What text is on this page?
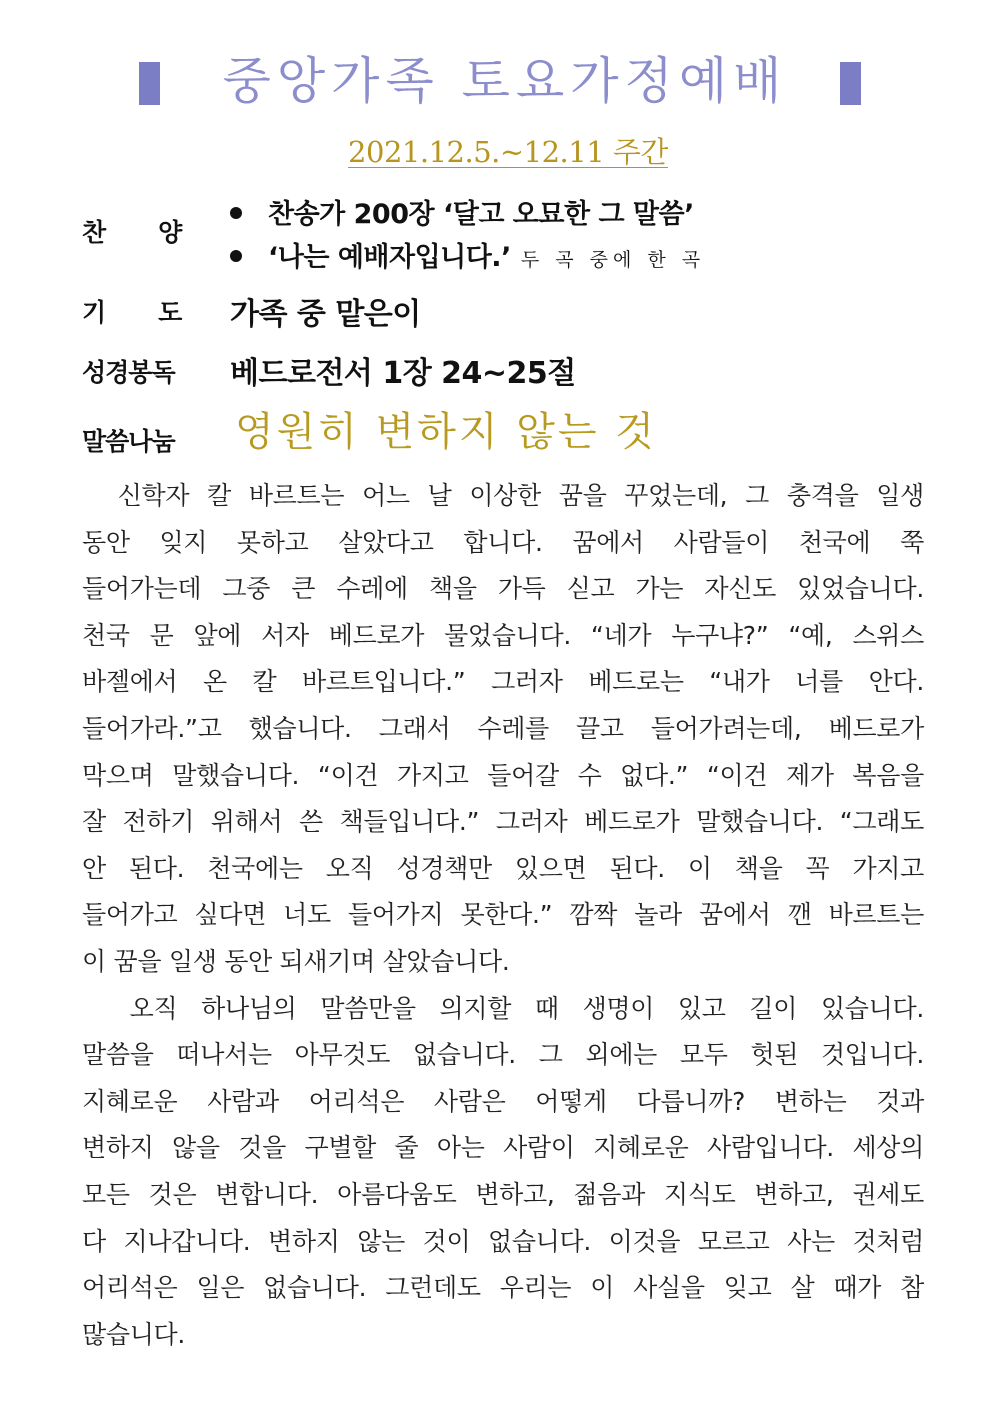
중앙가족 토요가정예배
2021.12.5.~12.11 주간
찬 양
찬송가 200장 ‘달고 오묘한 그 말씀’
‘나는 예배자입니다.’ 두 곡 중에 한 곡
기 도 가족 중 맡은이
성경봉독 베드로전서 1장 24~25절
말씀나눔 영원히 변하지 않는 것
신학자 칼 바르트는 어느 날 이상한 꿈을 꾸었는데, 그 충격을 일생
동안 잊지 못하고 살았다고 합니다. 꿈에서 사람들이 천국에 쭉
들어가는데 그중 큰 수레에 책을 가득 싣고 가는 자신도 있었습니다.
천국 문 앞에 서자 베드로가 물었습니다. “네가 누구냐?” “예, 스위스
바젤에서 온 칼 바르트입니다.” 그러자 베드로는 “내가 너를 안다.
들어가라.”고 했습니다. 그래서 수레를 끌고 들어가려는데, 베드로가
막으며 말했습니다. “이건 가지고 들어갈 수 없다.” “이건 제가 복음을
잘 전하기 위해서 쓴 책들입니다.” 그러자 베드로가 말했습니다. “그래도
안 된다. 천국에는 오직 성경책만 있으면 된다. 이 책을 꼭 가지고
들어가고 싶다면 너도 들어가지 못한다.” 깜짝 놀라 꿈에서 깬 바르트는
이 꿈을 일생 동안 되새기며 살았습니다.
오직 하나님의 말씀만을 의지할 때 생명이 있고 길이 있습니다.
말씀을 떠나서는 아무것도 없습니다. 그 외에는 모두 헛된 것입니다.
지혜로운 사람과 어리석은 사람은 어떻게 다릅니까? 변하는 것과
변하지 않을 것을 구별할 줄 아는 사람이 지혜로운 사람입니다. 세상의
모든 것은 변합니다. 아름다움도 변하고, 젊음과 지식도 변하고, 권세도
다 지나갑니다. 변하지 않는 것이 없습니다. 이것을 모르고 사는 것처럼
어리석은 일은 없습니다. 그런데도 우리는 이 사실을 잊고 살 때가 참
많습니다.
